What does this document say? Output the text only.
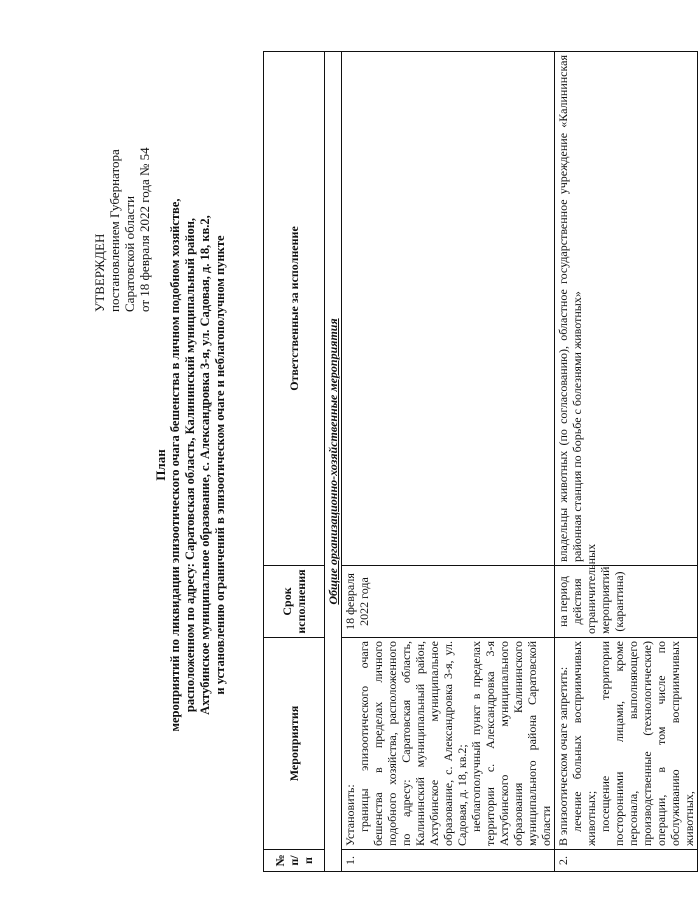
УТВЕРЖДЕН постановлением Губернатора Саратовской области от 18 февраля 2022 года № 54
План мероприятий по ликвидации эпизоотического очага бешенства в личном подобном хозяйстве, расположенном по адресу: Саратовская область, Калининский муниципальный район, Ахтубинское муниципальное образование, с. Александровка 3-я, ул. Садовая, д. 18, кв.2, и установлению ограничений в эпизоотическом очаге и неблагополучном пункте
№ п/п	Мероприятия	Срок исполнения	Ответственные за исполнение
Общие организационно-хозяйственные мероприятия			
1.	Установить: границы эпизоотического очага бешенства в пределах личного подобного хозяйства, расположенного по адресу: Саратовская область, Калининский муниципальный район, Ахтубинское муниципальное образование, с. Александровка 3-я, ул. Садовая, д. 18, кв.2; неблагополучный пункт в пределах территории с. Александровка 3-я Ахтубинского муниципального образования Калининского муниципального района Саратовской области	18 февраля 2022 года	
2.	В эпизоотическом очаге запретить: лечение больных восприимчивых животных; посещение территории посторонними лицами, кроме персонала, выполняющего производственные (технологические) операции, в том числе по обслуживанию восприимчивых животных,	на период действия ограничительных мероприятий (карантина)	владельцы животных (по согласованию), областное государственное учреждение «Калининская районная станция по борьбе с болезнями животных»
